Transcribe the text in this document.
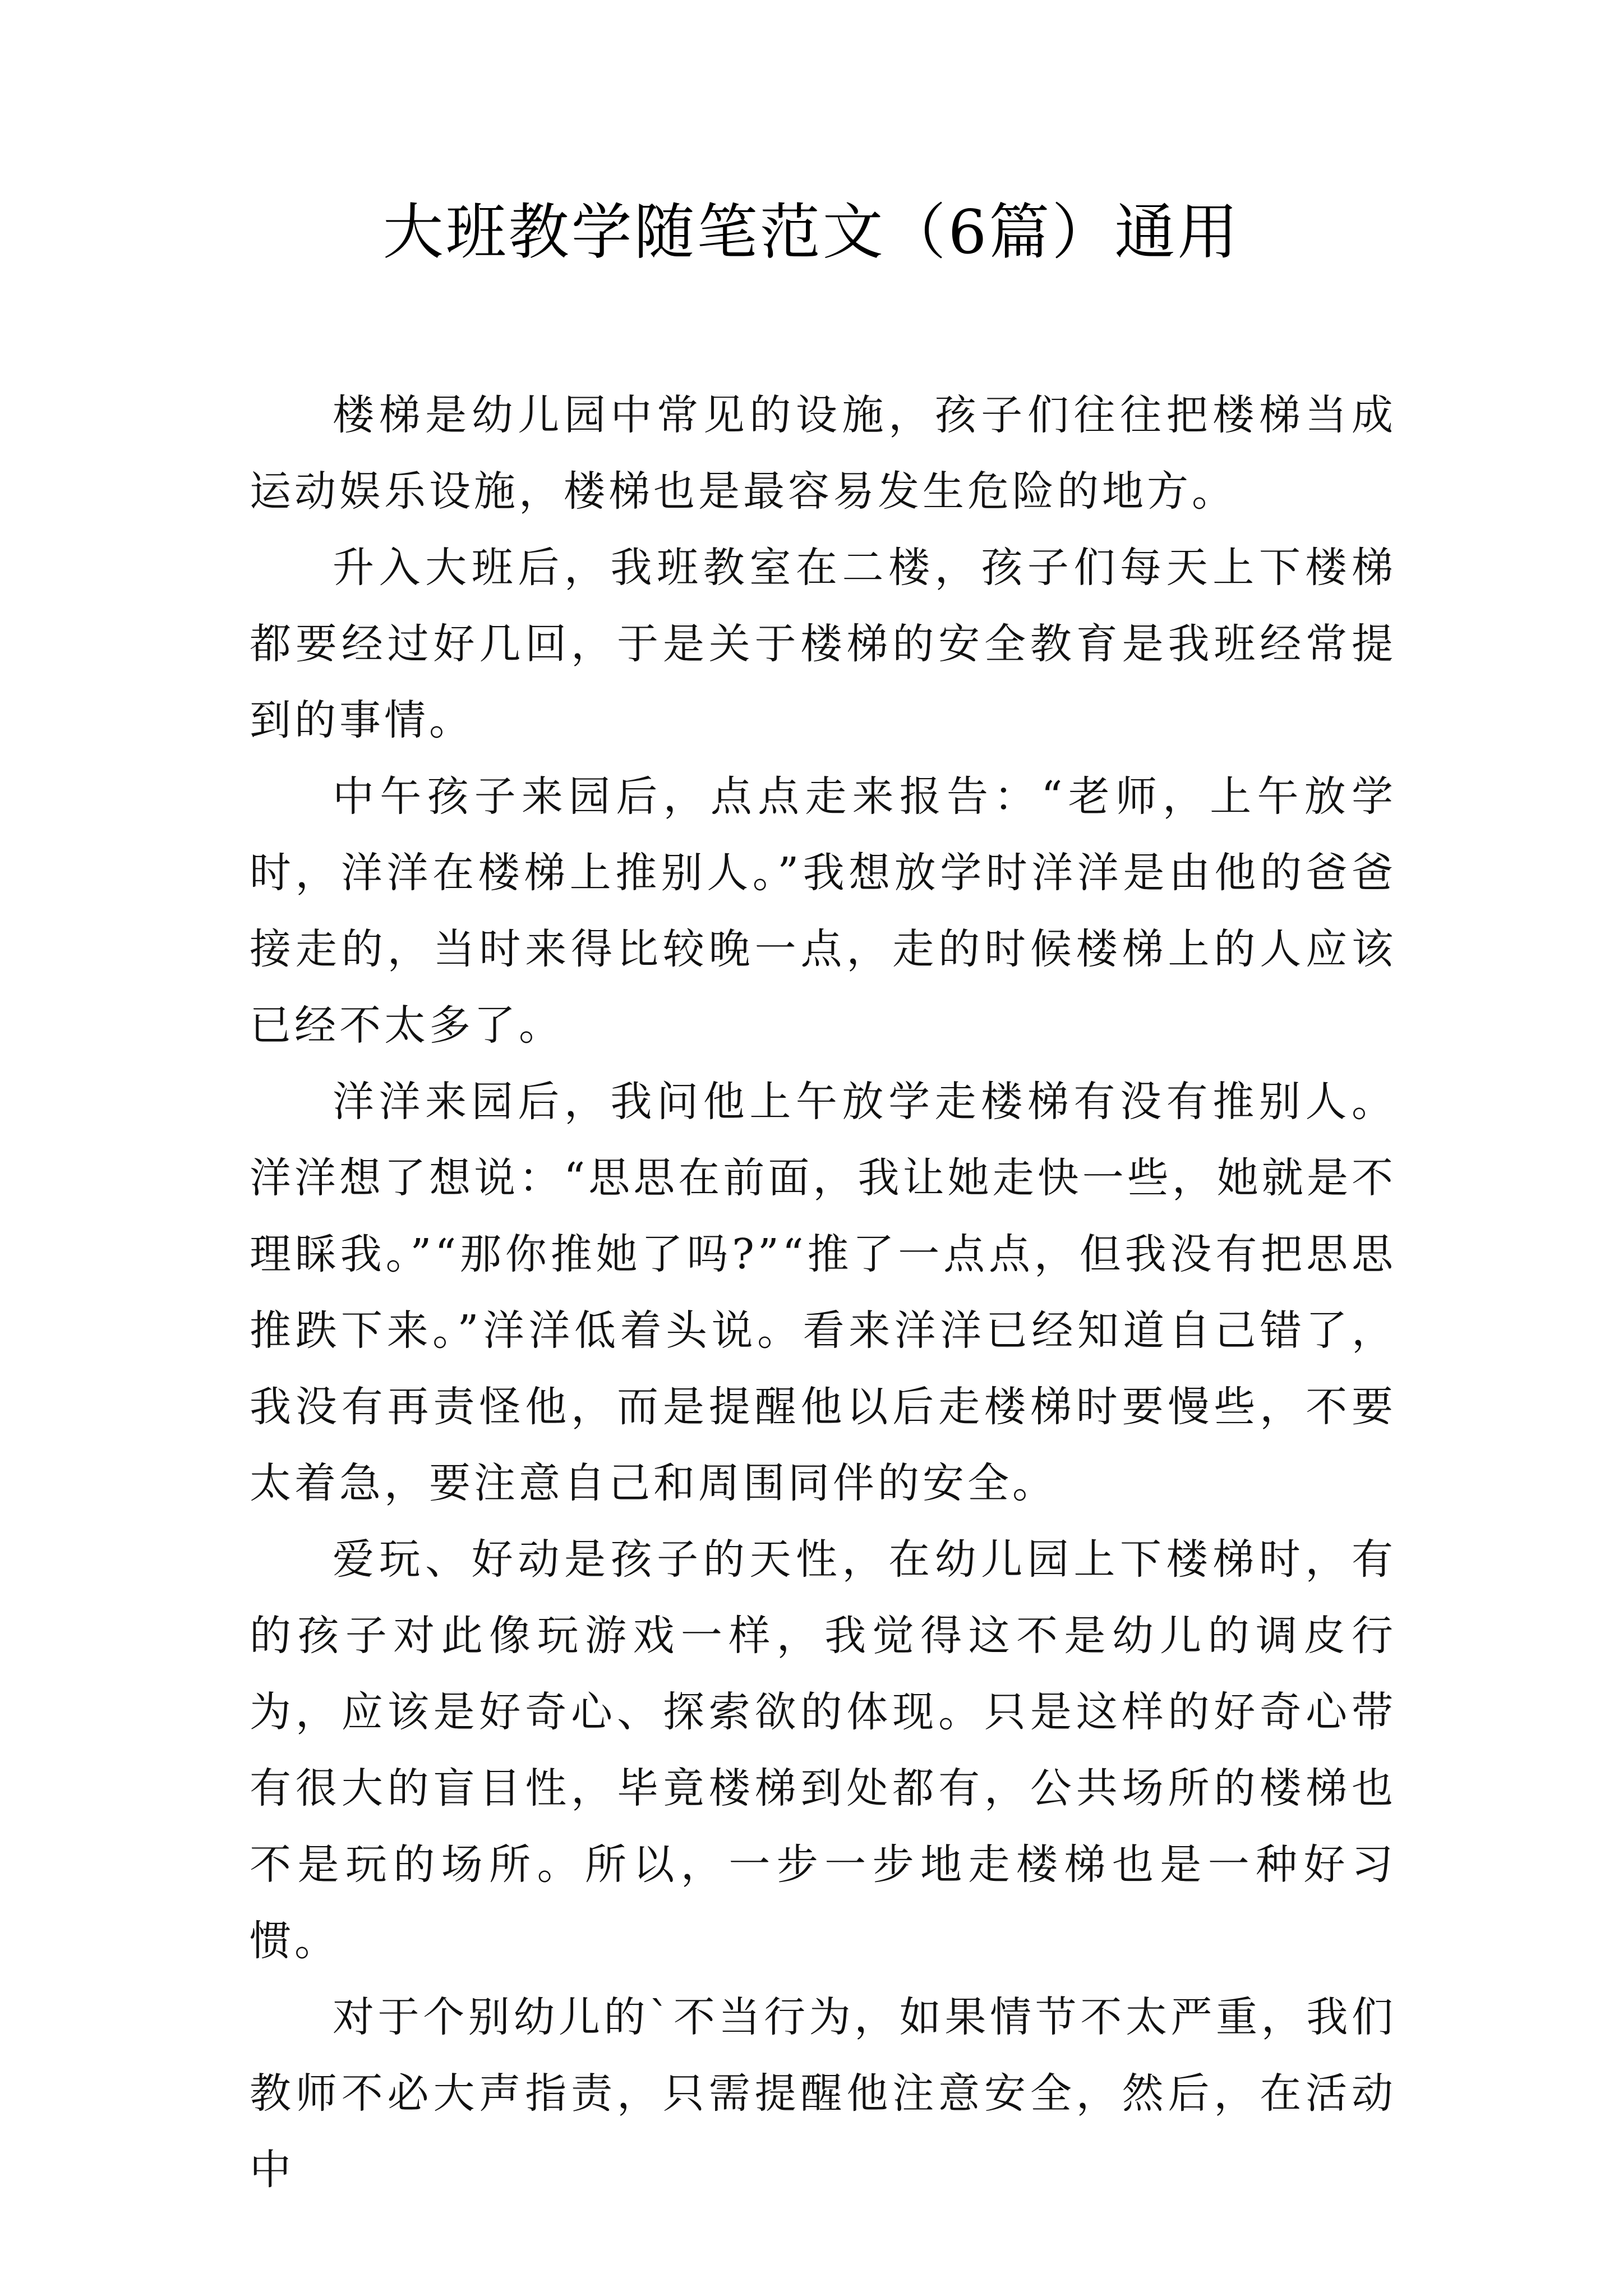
大班教学随笔范文（6篇）通用

楼梯是幼儿园中常见的设施，孩子们往往把楼梯当成运动娱乐设施，楼梯也是最容易发生危险的地方。

升入大班后，我班教室在二楼，孩子们每天上下楼梯都要经过好几回，于是关于楼梯的安全教育是我班经常提到的事情。

中午孩子来园后，点点走来报告：“老师，上午放学时，洋洋在楼梯上推别人。”我想放学时洋洋是由他的爸爸接走的，当时来得比较晚一点，走的时候楼梯上的人应该已经不太多了。

洋洋来园后，我问他上午放学走楼梯有没有推别人。洋洋想了想说：“思思在前面，我让她走快一些，她就是不理睬我。”“那你推她了吗?”“推了一点点，但我没有把思思推跌下来。”洋洋低着头说。看来洋洋已经知道自己错了，我没有再责怪他，而是提醒他以后走楼梯时要慢些，不要太着急，要注意自己和周围同伴的安全。

爱玩、好动是孩子的天性，在幼儿园上下楼梯时，有的孩子对此像玩游戏一样，我觉得这不是幼儿的调皮行为，应该是好奇心、探索欲的体现。只是这样的好奇心带有很大的盲目性，毕竟楼梯到处都有，公共场所的楼梯也不是玩的场所。所以，一步一步地走楼梯也是一种好习惯。

对于个别幼儿的`不当行为，如果情节不太严重，我们教师不必大声指责，只需提醒他注意安全，然后，在活动中
